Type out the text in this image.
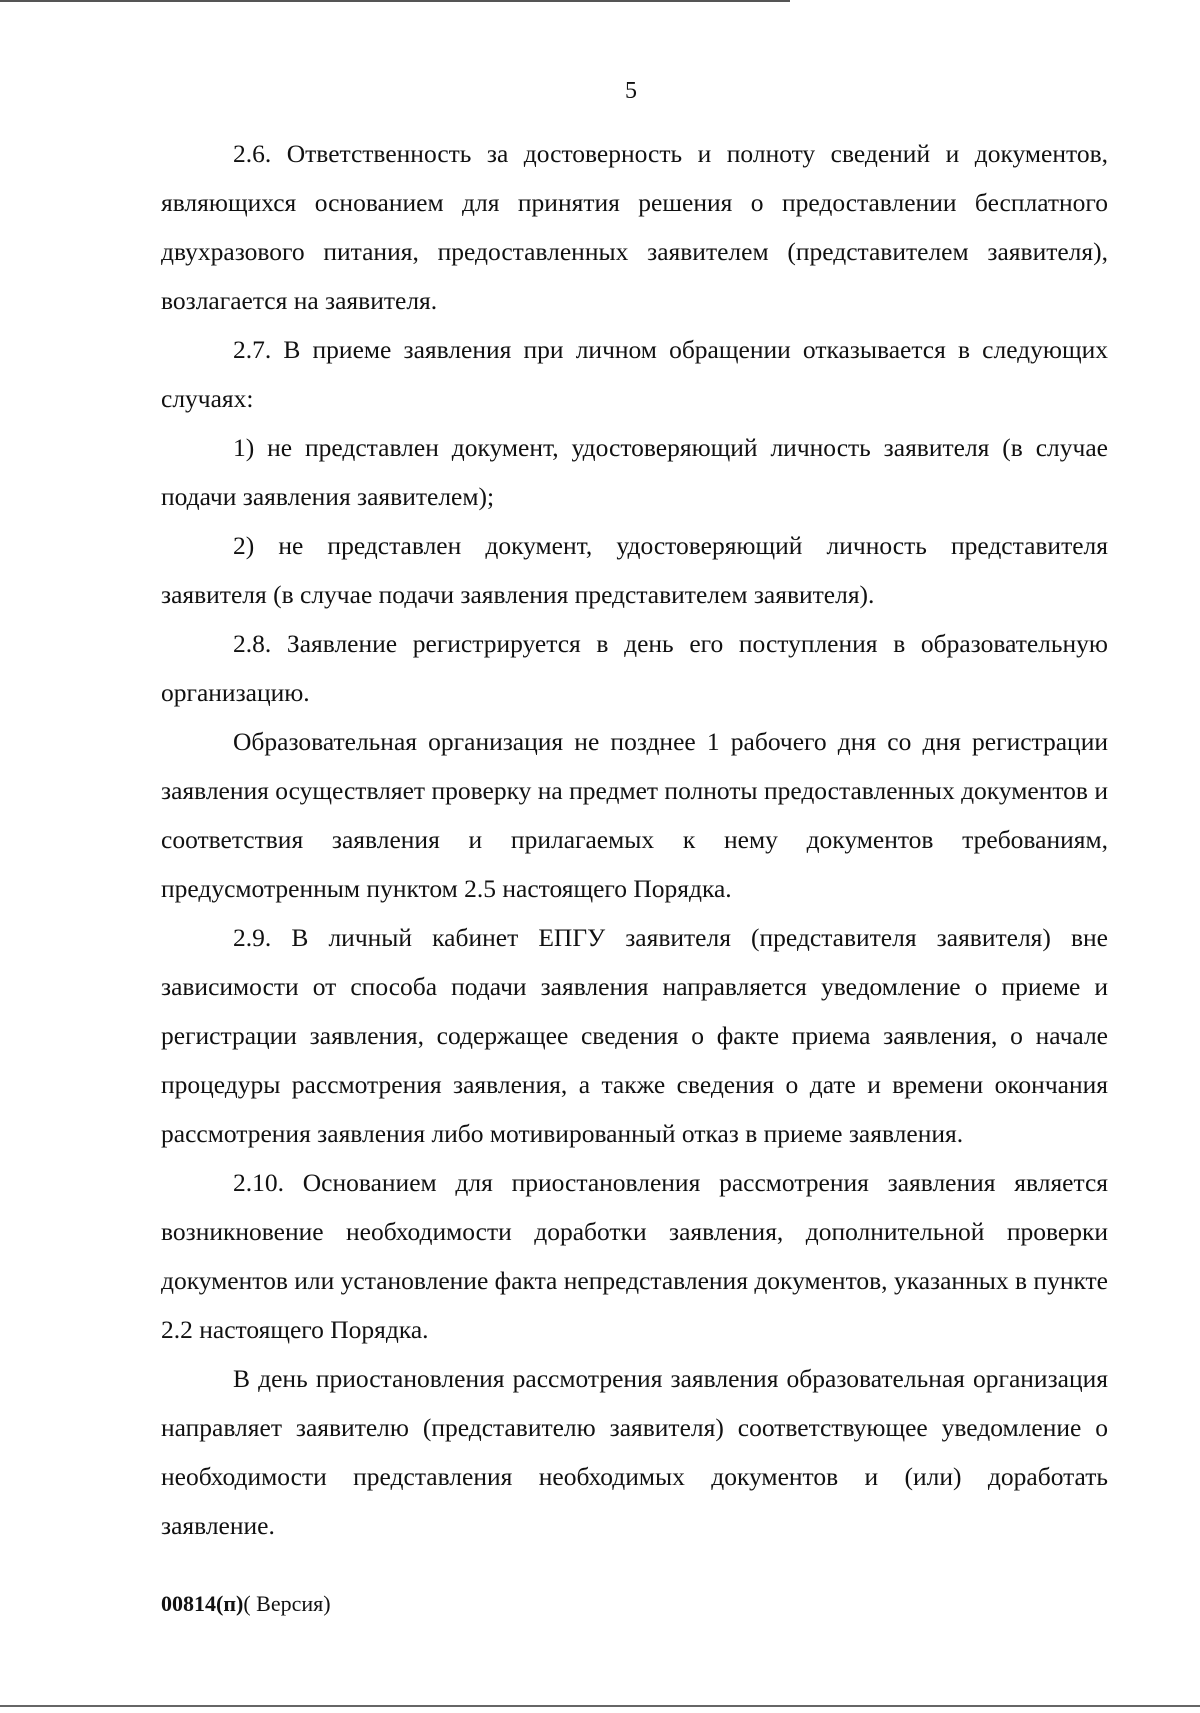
5

2.6. Ответственность за достоверность и полноту сведений и документов, являющихся основанием для принятия решения о предоставлении бесплатного двухразового питания, предоставленных заявителем (представителем заявителя), возлагается на заявителя.

2.7. В приеме заявления при личном обращении отказывается в следующих случаях:

1) не представлен документ, удостоверяющий личность заявителя (в случае подачи заявления заявителем);

2) не представлен документ, удостоверяющий личность представителя заявителя (в случае подачи заявления представителем заявителя).

2.8. Заявление регистрируется в день его поступления в образовательную организацию.

Образовательная организация не позднее 1 рабочего дня со дня регистрации заявления осуществляет проверку на предмет полноты предоставленных документов и соответствия заявления и прилагаемых к нему документов требованиям, предусмотренным пунктом 2.5 настоящего Порядка.

2.9. В личный кабинет ЕПГУ заявителя (представителя заявителя) вне зависимости от способа подачи заявления направляется уведомление о приеме и регистрации заявления, содержащее сведения о факте приема заявления, о начале процедуры рассмотрения заявления, а также сведения о дате и времени окончания рассмотрения заявления либо мотивированный отказ в приеме заявления.

2.10. Основанием для приостановления рассмотрения заявления является возникновение необходимости доработки заявления, дополнительной проверки документов или установление факта непредставления документов, указанных в пункте 2.2 настоящего Порядка.

В день приостановления рассмотрения заявления образовательная организация направляет заявителю (представителю заявителя) соответствующее уведомление о необходимости представления необходимых документов и (или) доработать заявление.

00814(п)( Версия)
